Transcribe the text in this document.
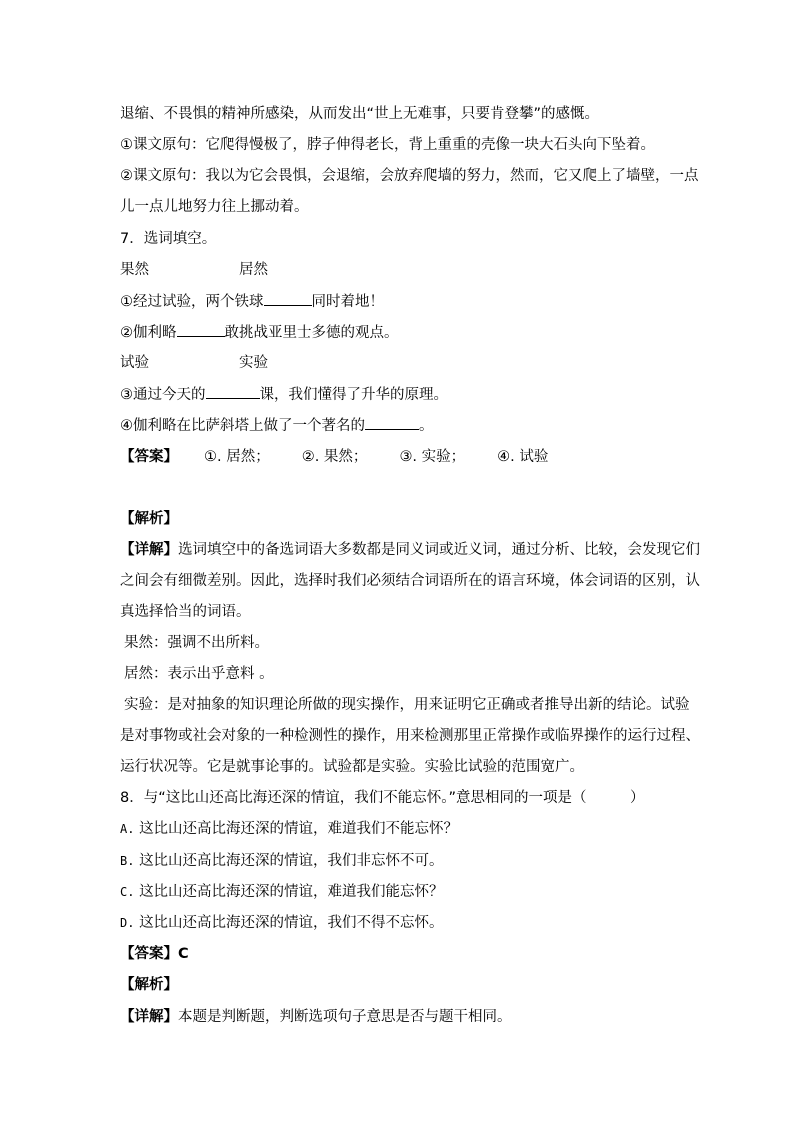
退缩、不畏惧的精神所感染，从而发出“世上无难事，只要肯登攀”的感慨。
①课文原句：它爬得慢极了，脖子伸得老长，背上重重的壳像一块大石头向下坠着。
②课文原句：我以为它会畏惧，会退缩，会放弃爬墙的努力，然而，它又爬上了墙壁，一点
儿一点儿地努力往上挪动着。
7．选词填空。
果然	居然
①经过试验，两个铁球	同时着地！
②伽利略	敢挑战亚里士多德的观点。
试验	实验
③通过今天的	课，我们懂得了升华的原理。
④伽利略在比萨斜塔上做了一个著名的	。
【答案】 ①. 居然； ②. 果然； ③. 实验； ④. 试验
【解析】
【详解】选词填空中的备选词语大多数都是同义词或近义词，通过分析、比较，会发现它们
之间会有细微差别。因此，选择时我们必须结合词语所在的语言环境，体会词语的区别，认
真选择恰当的词语。
果然：强调不出所料。
居然：表示出乎意料 。
实验：是对抽象的知识理论所做的现实操作，用来证明它正确或者推导出新的结论。试验
是对事物或社会对象的一种检测性的操作，用来检测那里正常操作或临界操作的运行过程、
运行状况等。它是就事论事的。试验都是实验。实验比试验的范围宽广。
8．与“这比山还高比海还深的情谊，我们不能忘怀。”意思相同的一项是（　　　）
A. 这比山还高比海还深的情谊，难道我们不能忘怀？
B. 这比山还高比海还深的情谊，我们非忘怀不可。
C. 这比山还高比海还深的情谊，难道我们能忘怀？
D. 这比山还高比海还深的情谊，我们不得不忘怀。
【答案】C
【解析】
【详解】本题是判断题，判断选项句子意思是否与题干相同。
